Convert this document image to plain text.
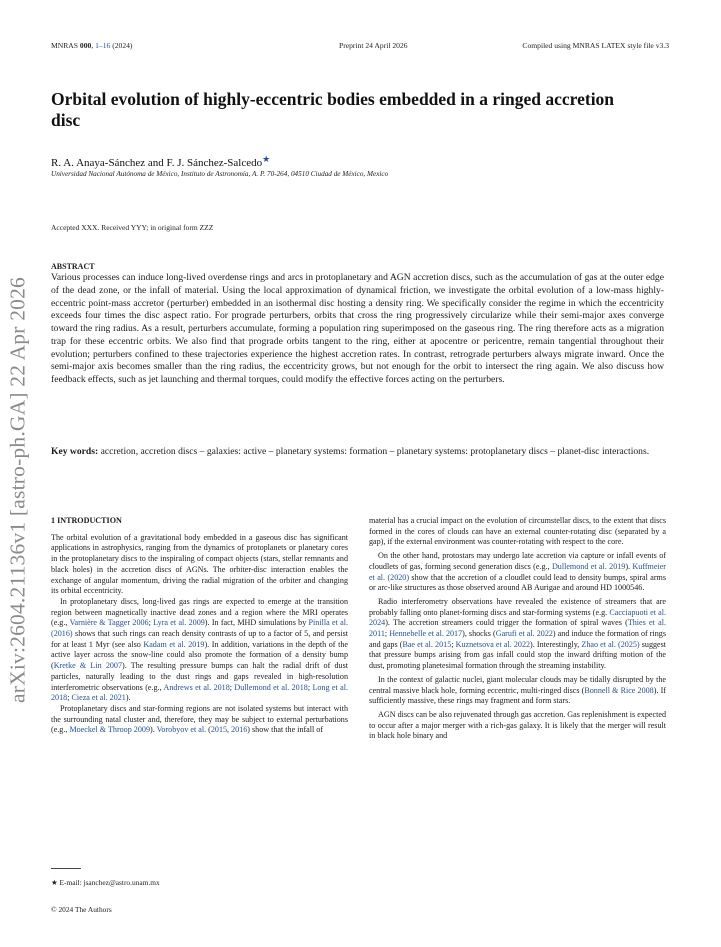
MNRAS 000, 1–16 (2024)	Preprint 24 April 2026	Compiled using MNRAS LATEX style file v3.3
arXiv:2604.21136v1 [astro-ph.GA] 22 Apr 2026
Orbital evolution of highly-eccentric bodies embedded in a ringed accretion disc
R. A. Anaya-Sánchez and F. J. Sánchez-Salcedo★
Universidad Nacional Autónoma de México, Instituto de Astronomía, A. P. 70-264, 04510 Ciudad de México, Mexico
Accepted XXX. Received YYY; in original form ZZZ
ABSTRACT

Various processes can induce long-lived overdense rings and arcs in protoplanetary and AGN accretion discs, such as the accumulation of gas at the outer edge of the dead zone, or the infall of material. Using the local approximation of dynamical friction, we investigate the orbital evolution of a low-mass highly-eccentric point-mass accretor (perturber) embedded in an isothermal disc hosting a density ring. We specifically consider the regime in which the eccentricity exceeds four times the disc aspect ratio. For prograde perturbers, orbits that cross the ring progressively circularize while their semi-major axes converge toward the ring radius. As a result, perturbers accumulate, forming a population ring superimposed on the gaseous ring. The ring therefore acts as a migration trap for these eccentric orbits. We also find that prograde orbits tangent to the ring, either at apocentre or pericentre, remain tangential throughout their evolution; perturbers confined to these trajectories experience the highest accretion rates. In contrast, retrograde perturbers always migrate inward. Once the semi-major axis becomes smaller than the ring radius, the eccentricity grows, but not enough for the orbit to intersect the ring again. We also discuss how feedback effects, such as jet launching and thermal torques, could modify the effective forces acting on the perturbers.

Key words: accretion, accretion discs – galaxies: active – planetary systems: formation – planetary systems: protoplanetary discs – planet-disc interactions.

1 INTRODUCTION

The orbital evolution of a gravitational body embedded in a gaseous disc has significant applications in astrophysics, ranging from the dynamics of protoplanets or planetary cores in the protoplanetary discs to the inspiraling of compact objects (stars, stellar remnants and black holes) in the accretion discs of AGNs. The orbiter-disc interaction enables the exchange of angular momentum, driving the radial migration of the orbiter and changing its orbital eccentricity.

In protoplanetary discs, long-lived gas rings are expected to emerge at the transition region between magnetically inactive dead zones and a region where the MRI operates (e.g., Varnière & Tagger 2006; Lyra et al. 2009). In fact, MHD simulations by Pinilla et al. (2016) shows that such rings can reach density contrasts of up to a factor of 5, and persist for at least 1 Myr (see also Kadam et al. 2019). In addition, variations in the depth of the active layer across the snow-line could also promote the formation of a density bump (Kretke & Lin 2007). The resulting pressure bumps can halt the radial drift of dust particles, naturally leading to the dust rings and gaps revealed in high-resolution interferometric observations (e.g., Andrews et al. 2018; Dullemond et al. 2018; Long et al. 2018; Cieza et al. 2021).

Protoplanetary discs and star-forming regions are not isolated systems but interact with the surrounding natal cluster and, therefore, they may be subject to external perturbations (e.g., Moeckel & Throop 2009). Vorobyov et al. (2015, 2016) show that the infall of

material has a crucial impact on the evolution of circumstellar discs, to the extent that discs formed in the cores of clouds can have an external counter-rotating disc (separated by a gap), if the external environment was counter-rotating with respect to the core.

On the other hand, protostars may undergo late accretion via capture or infall events of cloudlets of gas, forming second generation discs (e.g., Dullemond et al. 2019). Kuffmeier et al. (2020) show that the accretion of a cloudlet could lead to density bumps, spiral arms or arc-like structures as those observed around AB Aurigae and around HD 1000546.

Radio interferometry observations have revealed the existence of streamers that are probably falling onto planet-forming discs and star-forming systems (e.g. Cacciapuoti et al. 2024). The accretion streamers could trigger the formation of spiral waves (Thies et al. 2011; Hennebelle et al. 2017), shocks (Garufi et al. 2022) and induce the formation of rings and gaps (Bae et al. 2015; Kuznetsova et al. 2022). Interestingly, Zhao et al. (2025) suggest that pressure bumps arising from gas infall could stop the inward drifting motion of the dust, promoting planetesimal formation through the streaming instability.

In the context of galactic nuclei, giant molecular clouds may be tidally disrupted by the central massive black hole, forming eccentric, multi-ringed discs (Bonnell & Rice 2008). If sufficiently massive, these rings may fragment and form stars.

AGN discs can be also rejuvenated through gas accretion. Gas replenishment is expected to occur after a major merger with a rich-gas galaxy. It is likely that the merger will result in black hole binary and

★ E-mail: jsanchez@astro.unam.mx
© 2024 The Authors
